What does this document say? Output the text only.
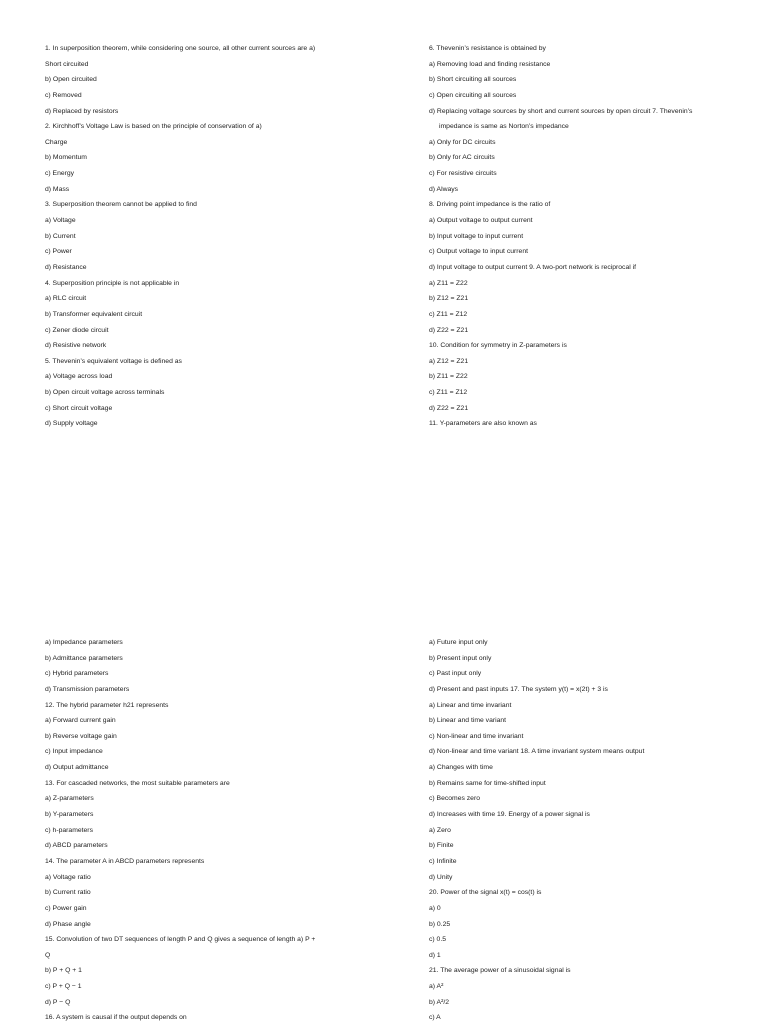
1. In superposition theorem, while considering one source, all other current sources are a)
Short circuited
b) Open circuited
c) Removed
d) Replaced by resistors
2. Kirchhoff’s Voltage Law is based on the principle of conservation of a)
Charge
b) Momentum
c) Energy
d) Mass
3. Superposition theorem cannot be applied to find
a) Voltage
b) Current
c) Power
d) Resistance
4. Superposition principle is not applicable in
a) RLC circuit
b) Transformer equivalent circuit
c) Zener diode circuit
d) Resistive network
5. Thevenin’s equivalent voltage is defined as
a) Voltage across load
b) Open circuit voltage across terminals
c) Short circuit voltage
d) Supply voltage
6. Thevenin’s resistance is obtained by
a) Removing load and finding resistance
b) Short circuiting all sources
c) Open circuiting all sources
d) Replacing voltage sources by short and current sources by open circuit 7. Thevenin’s
impedance is same as Norton’s impedance
a) Only for DC circuits
b) Only for AC circuits
c) For resistive circuits
d) Always
8. Driving point impedance is the ratio of
a) Output voltage to output current
b) Input voltage to input current
c) Output voltage to input current
d) Input voltage to output current 9. A two-port network is reciprocal if
a) Z11 = Z22
b) Z12 = Z21
c) Z11 = Z12
d) Z22 = Z21
10. Condition for symmetry in Z-parameters is
a) Z12 = Z21
b) Z11 = Z22
c) Z11 = Z12
d) Z22 = Z21
11. Y-parameters are also known as
a) Impedance parameters
b) Admittance parameters
c) Hybrid parameters
d) Transmission parameters
12. The hybrid parameter h21 represents
a) Forward current gain
b) Reverse voltage gain
c) Input impedance
d) Output admittance
13. For cascaded networks, the most suitable parameters are
a) Z-parameters
b) Y-parameters
c) h-parameters
d) ABCD parameters
14. The parameter A in ABCD parameters represents
a) Voltage ratio
b) Current ratio
c) Power gain
d) Phase angle
15. Convolution of two DT sequences of length P and Q gives a sequence of length a) P +
Q
b) P + Q + 1
c) P + Q − 1
d) P − Q
16. A system is causal if the output depends on
a) Future input only
b) Present input only
c) Past input only
d) Present and past inputs 17. The system y(t) = x(2t) + 3 is
a) Linear and time invariant
b) Linear and time variant
c) Non-linear and time invariant
d) Non-linear and time variant 18. A time invariant system means output
a) Changes with time
b) Remains same for time-shifted input
c) Becomes zero
d) Increases with time 19. Energy of a power signal is
a) Zero
b) Finite
c) Infinite
d) Unity
20. Power of the signal x(t) = cos(t) is
a) 0
b) 0.25
c) 0.5
d) 1
21. The average power of a sinusoidal signal is
a) A²
b) A²/2
c) A
